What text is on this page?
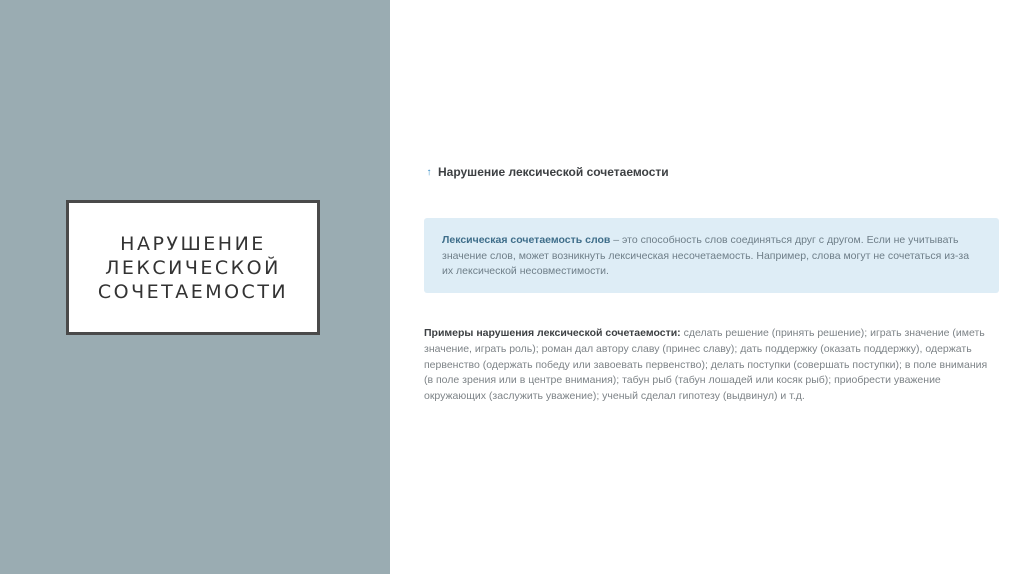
НАРУШЕНИЕ
ЛЕКСИЧЕСКОЙ
СОЧЕТАЕМОСТИ
↑ Нарушение лексической сочетаемости
Лексическая сочетаемость слов – это способность слов соединяться друг с другом. Если не учитывать значение слов, может возникнуть лексическая несочетаемость. Например, слова могут не сочетаться из-за их лексической несовместимости.
Примеры нарушения лексической сочетаемости: сделать решение (принять решение); играть значение (иметь значение, играть роль); роман дал автору славу (принес славу); дать поддержку (оказать поддержку), одержать первенство (одержать победу или завоевать первенство); делать поступки (совершать поступки); в поле внимания (в поле зрения или в центре внимания); табун рыб (табун лошадей или косяк рыб); приобрести уважение окружающих (заслужить уважение); ученый сделал гипотезу (выдвинул) и т.д.
